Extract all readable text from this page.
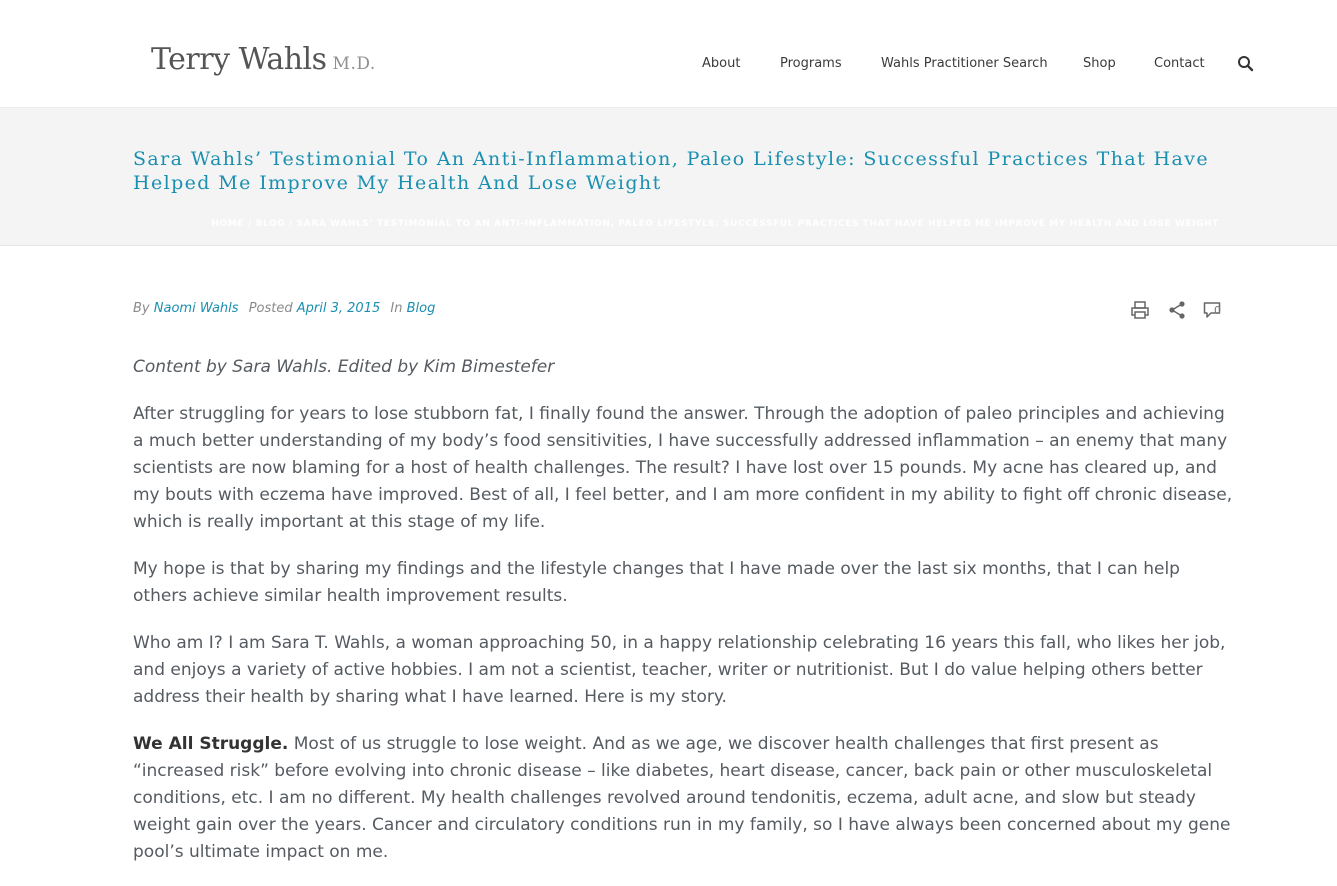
Terry Wahls M.D.	About	Programs	Wahls Practitioner Search	Shop	Contact
Sara Wahls’ Testimonial To An Anti-Inflammation, Paleo Lifestyle: Successful Practices That Have Helped Me Improve My Health And Lose Weight
HOME / BLOG / SARA WAHLS’ TESTIMONIAL TO AN ANTI-INFLAMMATION, PALEO LIFESTYLE: SUCCESSFUL PRACTICES THAT HAVE HELPED ME IMPROVE MY HEALTH AND LOSE WEIGHT
By Naomi Wahls Posted April 3, 2015 In Blog	0

Content by Sara Wahls. Edited by Kim Bimestefer

After struggling for years to lose stubborn fat, I finally found the answer. Through the adoption of paleo principles and achieving a much better understanding of my body’s food sensitivities, I have successfully addressed inflammation – an enemy that many scientists are now blaming for a host of health challenges. The result? I have lost over 15 pounds. My acne has cleared up, and my bouts with eczema have improved. Best of all, I feel better, and I am more confident in my ability to fight off chronic disease, which is really important at this stage of my life.

My hope is that by sharing my findings and the lifestyle changes that I have made over the last six months, that I can help others achieve similar health improvement results.

Who am I? I am Sara T. Wahls, a woman approaching 50, in a happy relationship celebrating 16 years this fall, who likes her job, and enjoys a variety of active hobbies. I am not a scientist, teacher, writer or nutritionist. But I do value helping others better address their health by sharing what I have learned. Here is my story.

We All Struggle. Most of us struggle to lose weight. And as we age, we discover health challenges that first present as “increased risk” before evolving into chronic disease – like diabetes, heart disease, cancer, back pain or other musculoskeletal conditions, etc. I am no different. My health challenges revolved around tendonitis, eczema, adult acne, and slow but steady weight gain over the years. Cancer and circulatory conditions run in my family, so I have always been concerned about my gene pool’s ultimate impact on me.
